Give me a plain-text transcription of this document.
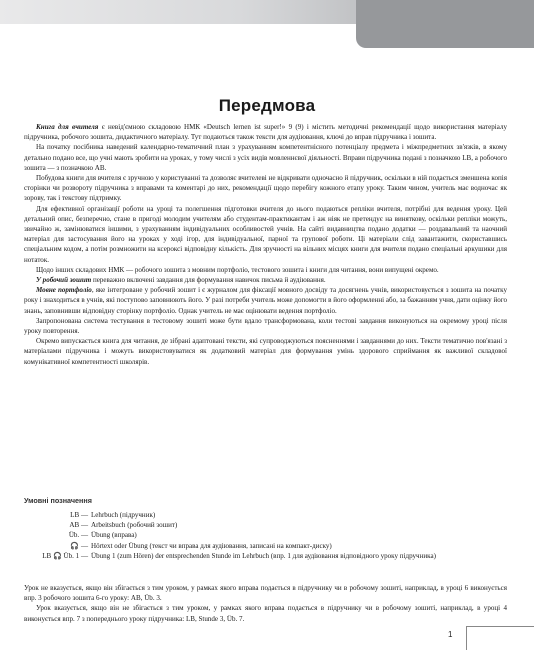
Передмова

Книга для вчителя є невід'ємною складовою НМК «Deutsch lernen ist super!» 9 (9) і містить методичні рекомендації щодо використання матеріалу підручника, робочого зошита, дидактичного матеріалу. Тут подаються також тексти для аудіювання, ключі до вправ підручника і зошита.

На початку посібника наведений календарно-тематичний план з урахуванням компетентнісного потенціалу предмета і міжпредметних зв'язків, в якому детально подано все, що учні мають зробити на уроках, у тому числі з усіх видів мовленнєвої діяльності. Вправи підручника подані з позначкою LB, а робочого зошита — з позначкою AB.

Побудова книги для вчителя є зручною у користуванні та дозволяє вчителеві не відкривати одночасно й підручник, оскільки в ній подається зменшена копія сторінки чи розвороту підручника з вправами та коментарі до них, рекомендації щодо перебігу кожного етапу уроку. Таким чином, учитель має водночас як зорову, так і текстову підтримку.

Для ефективної організації роботи на уроці та полегшення підготовки вчителя до нього подаються репліки вчителя, потрібні для ведення уроку. Цей детальний опис, безперечно, стане в пригоді молодим учителям або студентам-практикантам і аж ніяк не претендує на виняткову, оскільки репліки можуть, звичайно ж, замінюватися іншими, з урахуванням індивідуальних особливостей учнів. На сайті видавництва подано додатки — роздавальний та наочний матеріал для застосування його на уроках у ході ігор, для індивідуальної, парної та групової роботи. Ці матеріали слід завантажити, скориставшись спеціальним кодом, а потім розмножити на ксероксі відповідну кількість. Для зручності на вільних місцях книги для вчителя подано спеціальні аркушики для нотаток.

Щодо інших складових НМК — робочого зошита з мовним портфоліо, тестового зошита і книги для читання, вони випущені окремо.

У робочий зошит переважно включені завдання для формування навичок письма й аудіювання.

Мовне портфоліо, яке інтегроване у робочий зошит і є журналом для фіксації мовного досвіду та досягнень учнів, використовується з зошита на початку року і знаходиться в учнів, які поступово заповнюють його. У разі потреби учитель може допомогти в його оформленні або, за бажанням учня, дати оцінку його знань, заповнивши відповідну сторінку портфоліо. Однак учитель не має оцінювати ведення портфоліо.

Запропонована система тестування в тестовому зошиті може бути вдало трансформована, коли тестові завдання виконуються на окремому уроці після уроку повторення.

Окремо випускається книга для читання, де зібрані адаптовані тексти, які супроводжуються поясненнями і завданнями до них. Тексти тематично пов'язані з матеріалами підручника і можуть використовуватися як додатковий матеріал для формування умінь здорового сприймання як важливої складової комунікативної компетентності школярів.

Умовні позначення
LB — Lehrbuch (підручник)
AB — Arbeitsbuch (робочий зошит)
Üb. — Übung (вправа)
🎧 — Hörtext oder Übung (текст чи вправа для аудіювання, записані на компакт-диску)
LB 🎧 Üb. 1 — Übung 1 (zum Hören) der entsprechenden Stunde im Lehrbuch (впр. 1 для аудіювання відповідного уроку підручника)

Урок не вказується, якщо він збігається з тим уроком, у рамках якого вправа подається в підручнику чи в робочому зошиті, наприклад, в уроці 6 виконується впр. 3 робочого зошита 6-го уроку: AB, Üb. 3.

Урок вказується, якщо він не збігається з тим уроком, у рамках якого вправа подається в підручнику чи в робочому зошиті, наприклад, в уроці 4 виконується впр. 7 з попереднього уроку підручника: LB, Stunde 3, Üb. 7.

1
